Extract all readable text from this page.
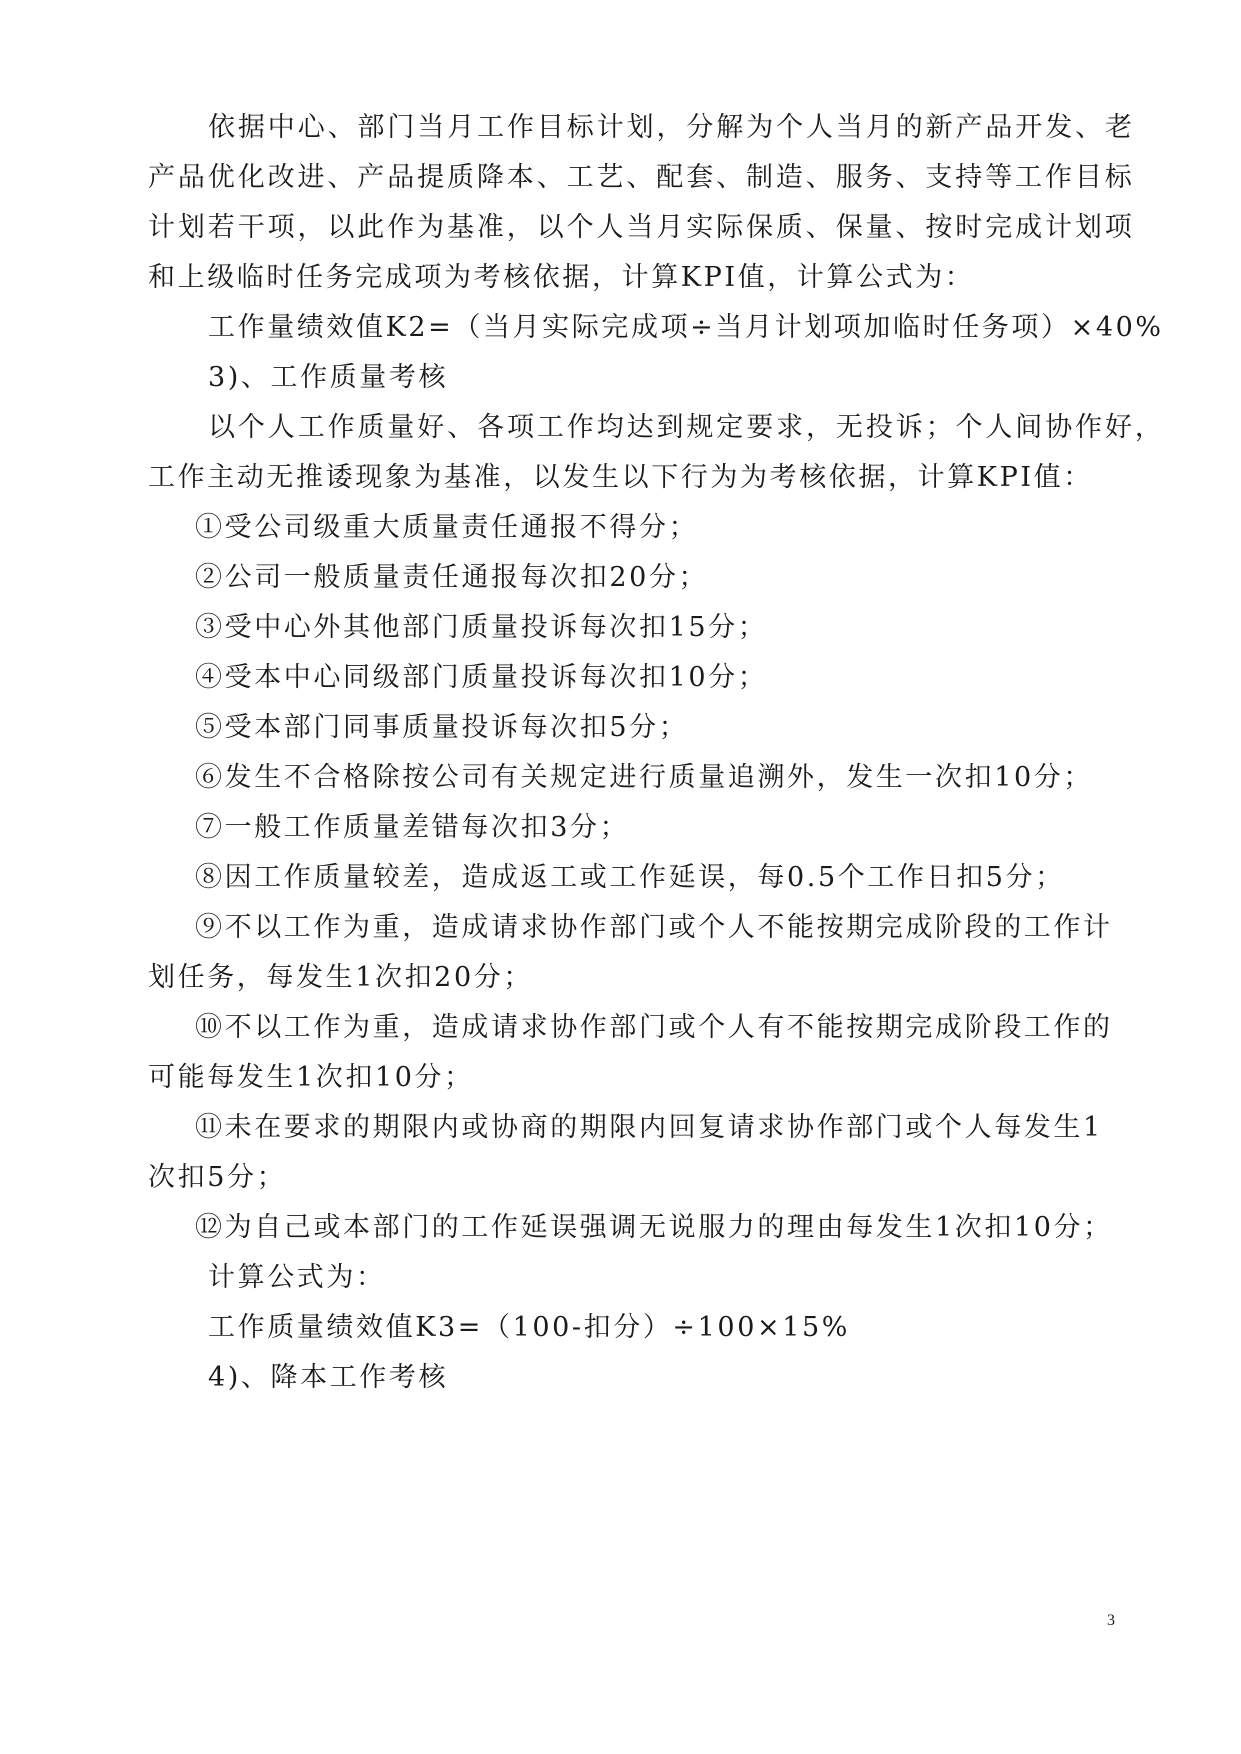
依据中心、部门当月工作目标计划，分解为个人当月的新产品开发、老
产品优化改进、产品提质降本、工艺、配套、制造、服务、支持等工作目标
计划若干项，以此作为基准，以个人当月实际保质、保量、按时完成计划项
和上级临时任务完成项为考核依据，计算KPI值，计算公式为：
工作量绩效值K2=（当月实际完成项÷当月计划项加临时任务项）×40%
3)、工作质量考核
以个人工作质量好、各项工作均达到规定要求，无投诉；个人间协作好，
工作主动无推诿现象为基准，以发生以下行为为考核依据，计算KPI值：
①受公司级重大质量责任通报不得分；
②公司一般质量责任通报每次扣20分；
③受中心外其他部门质量投诉每次扣15分；
④受本中心同级部门质量投诉每次扣10分；
⑤受本部门同事质量投诉每次扣5分；
⑥发生不合格除按公司有关规定进行质量追溯外，发生一次扣10分；
⑦一般工作质量差错每次扣3分；
⑧因工作质量较差，造成返工或工作延误，每0.5个工作日扣5分；
⑨不以工作为重，造成请求协作部门或个人不能按期完成阶段的工作计
划任务，每发生1次扣20分；
⑩不以工作为重，造成请求协作部门或个人有不能按期完成阶段工作的
可能每发生1次扣10分；
⑪未在要求的期限内或协商的期限内回复请求协作部门或个人每发生1
次扣5分；
⑫为自己或本部门的工作延误强调无说服力的理由每发生1次扣10分；
计算公式为：
工作质量绩效值K3=（100-扣分）÷100×15%
4)、降本工作考核
3
